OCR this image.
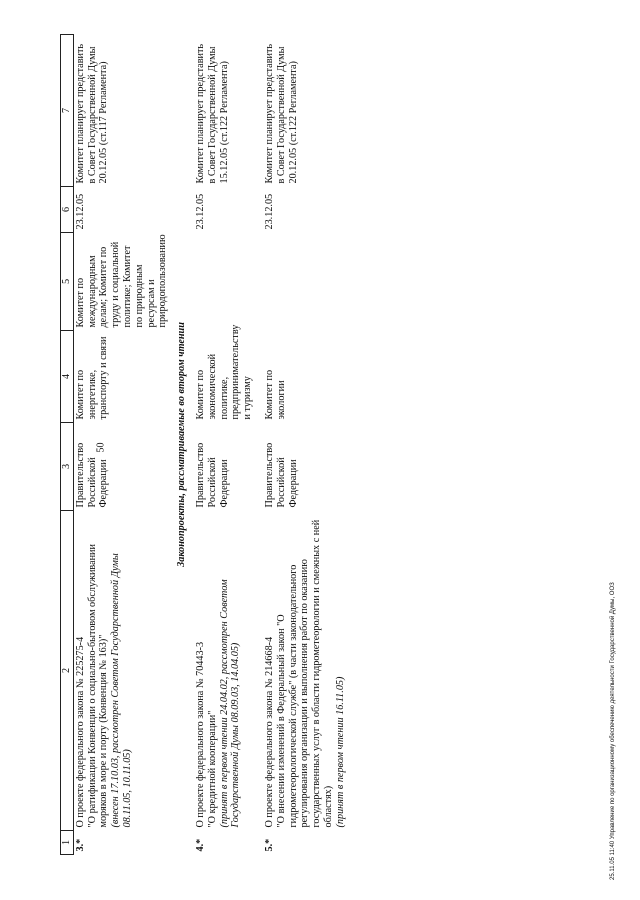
50
1	2	3	4	5	6	7
3.*	О проекте федерального закона № 225275-4
"О ратификации Конвенции о социально-бытовом обслуживании моряков в море и порту (Конвенция № 163)"
(внесен 17.10.03, рассмотрен Советом Государственной Думы 08.11.05, 10.11.05)	Правительство Российской Федерации	Комитет по энергетике, транспорту и связи	Комитет по международным делам; Комитет по труду и социальной политике; Комитет по природным ресурсам и природопользованию	23.12.05	Комитет планирует представить в Совет Государственной Думы 20.12.05 (ст.117 Регламента)
Законопроекты, рассматриваемые во втором чтении						
4.*	О проекте федерального закона № 70443-3
"О кредитной кооперации"
(принят в первом чтении 24.04.02, рассмотрен Советом Государственной Думы 08.09.03, 14.04.05)	Правительство Российской Федерации	Комитет по экономической политике, предпринимательству и туризму		23.12.05	Комитет планирует представить в Совет Государственной Думы 15.12.05 (ст.122 Регламента)

5.*	О проекте федерального закона № 214668-4
"О внесении изменений в Федеральный закон "О гидрометеорологической службе" (в части законодательного регулирования организации и выполнения работ по оказанию государственных услуг в области гидрометеорологии и смежных с ней областях)
(принят в первом чтении 16.11.05)	Правительство Российской Федерации	Комитет по экологии		23.12.05	Комитет планирует представить в Совет Государственной Думы 20.12.05 (ст.122 Регламента)
25.11.05 11:40 Управление по организационному обеспечению деятельности Государственной Думы, ООЗ
